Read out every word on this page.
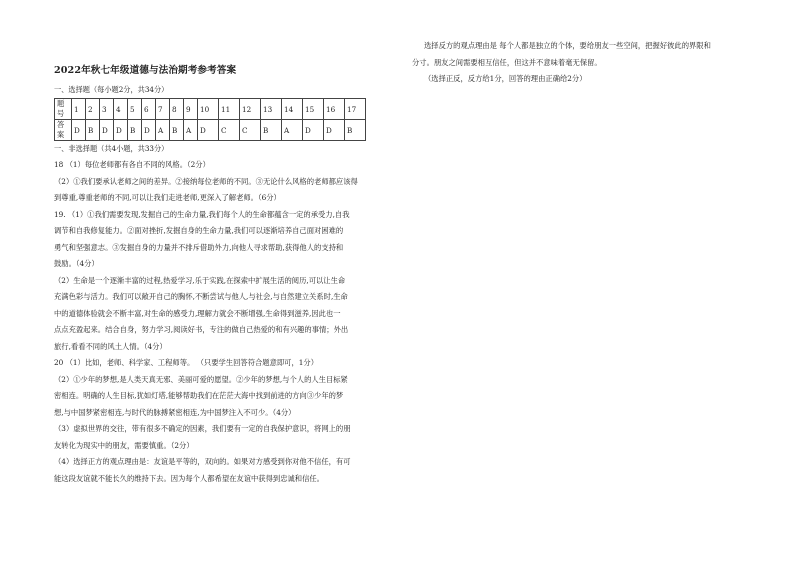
2022年秋七年级道德与法治期考参考答案
一、选择题（每小题2分，共34分）
题
号	1	2	3	4	5	6	7	8	9	10	11	12	13	14	15	16	17

答
案	D	B	D	D	B	D	A	B	A	D	C	C	B	A	D	D	B
一、非选择题（共4小题，共33分）

18 （1）每位老师都有各自不同的风格。（2分）

（2）①我们要承认老师之间的差异。②接纳每位老师的不同。③无论什么风格的老师都应该得

到尊重,尊重老师的不同,可以让我们走进老师,更深入了解老师。（6分）

19. （1）①我们需要发现,发掘自己的生命力量,我们每个人的生命都蕴含一定的承受力,自我

调节和自我修复能力。②面对挫折,发掘自身的生命力量,我们可以逐渐培养自己面对困难的

勇气和坚强意志。③发掘自身的力量并不排斥借助外力,向他人寻求帮助,获得他人的支持和

鼓励。（4分）

（2）生命是一个逐渐丰富的过程,热爱学习,乐于实践,在探索中扩展生活的阅历,可以让生命

充满色彩与活力。我们可以敞开自己的胸怀,不断尝试与他人,与社会,与自然建立关系时,生命

中的道德体验就会不断丰富,对生命的感受力,理解力就会不断增强,生命得到滋养,因此也一

点点充盈起来。结合自身，努力学习,阅读好书，专注的做自己热爱的和有兴趣的事情；外出

旅行,看看不同的风土人情。（4分）

20 （1）比如，老师、科学家、工程师等。 （只要学生回答符合题意即可，1分）

（2）①少年的梦想,是人类天真无邪、美丽可爱的愿望。②少年的梦想,与个人的人生目标紧

密相连。明确的人生目标,犹如灯塔,能够帮助我们在茫茫大海中找到前进的方向③少年的梦

想,与中国梦紧密相连,与时代的脉搏紧密相连,为中国梦注入不可少。（4分）

（3）虚拟世界的交往，带有很多不确定的因素，我们要有一定的自我保护意识，将网上的朋

友转化为现实中的朋友，需要慎重。（2分）

（4）选择正方的观点理由是：友谊是平等的，双向的。如果对方感受到你对他不信任，有可

能这段友谊就不能长久的维持下去。因为每个人都希望在友谊中获得到忠诚和信任。

选择反方的观点理由是 每个人都是独立的个体，要给朋友一些空间，把握好彼此的界限和

分寸。朋友之间需要相互信任，但这并不意味着毫无保留。

（选择正反，反方给1分，回答的理由正确给2分）
